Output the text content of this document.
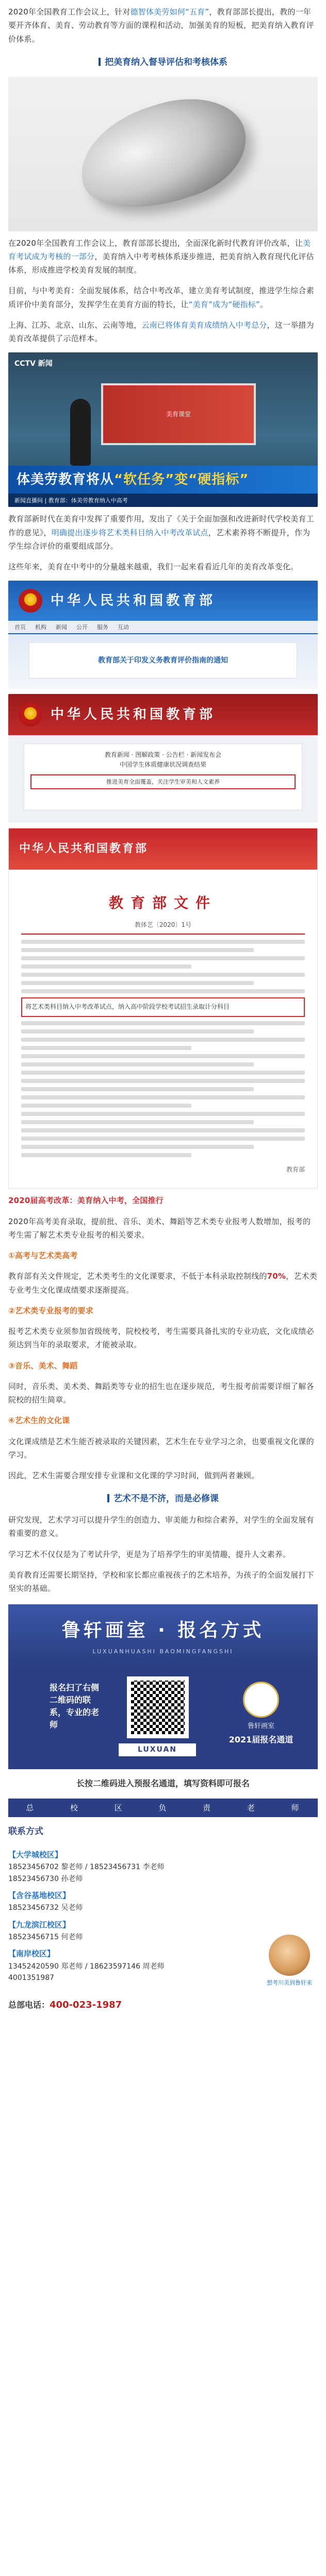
2020年全国教育工作会议上，针对德智体美劳如何“五育”，教育部部长提出，教的一年要开齐体育、美育、劳动教育等方面的课程和活动，加强美育的短板，把美育纳入教育评价体系。

把美育纳入督导评估和考核体系

在2020年全国教育工作会议上，教育部部长提出，全面深化新时代教育评价改革，让美育考试成为考核的一部分，美育纳入中考考核体系逐步推进，把美育纳入教育现代化评估体系，形成推进学校美育发展的制度。

目前，与中考美育：全面发展体系，结合中考改革，建立美育考试制度，推进学生综合素质评价中美育部分，发挥学生在美育方面的特长，让“美育”成为“硬指标”。

上海、江苏、北京、山东、云南等地，云南已将体育美育成绩纳入中考总分，这一举措为美育改革提供了示范样本。

CCTV 新闻
美育课堂
体美劳教育将从 “软任务”变“硬指标”
新闻直播间 | 教育部：体美劳教育纳入中高考

教育部新时代在美育中发挥了重要作用，发出了《关于全面加强和改进新时代学校美育工作的意见》，明确提出逐步将艺术类科目纳入中考改革试点，艺术素养将不断提升，作为学生综合评价的重要组成部分。

这些年来，美育在中考中的分量越来越重，我们一起来看看近几年的美育改革变化。

中华人民共和国教育部
首页 机构 新闻 公开 服务 互动
教育部关于印发义务教育评价指南的通知
中华人民共和国教育部
教育新闻 · 图解政策 · 公告栏 · 新闻发布会
中国学生体质健康状况调查结果
推进美育全面覆盖，关注学生审美和人文素养
中华人民共和国教育部
教育部文件
教体艺〔2020〕1号
将艺术类科目纳入中考改革试点，纳入高中阶段学校考试招生录取计分科目
教育部

2020届高考改革：美育纳入中考，全国推行

2020年高考美育录取，提前批、音乐、美术、舞蹈等艺术类专业报考人数增加，报考的考生需了解艺术类专业报考的相关要求。

①高考与艺术类高考

教育部有关文件规定，艺术类考生的文化课要求，不低于本科录取控制线的70%，艺术类专业考生文化课成绩要求逐渐提高。

②艺术类专业报考的要求

报考艺术类专业须参加省级统考，院校校考，考生需要具备扎实的专业功底，文化成绩必须达到当年的录取要求，才能被录取。

③音乐、美术、舞蹈

同时，音乐类、美术类、舞蹈类等专业的招生也在逐步规范，考生报考前需要详细了解各院校的招生简章。

④艺术生的文化课

文化课成绩是艺术生能否被录取的关键因素，艺术生在专业学习之余，也要重视文化课的学习。

因此，艺术生需要合理安排专业课和文化课的学习时间，做到两者兼顾。

艺术不是不济，而是必修课

研究发现，艺术学习可以提升学生的创造力、审美能力和综合素养，对学生的全面发展有着重要的意义。

学习艺术不仅仅是为了考试升学，更是为了培养学生的审美情趣，提升人文素养。

美育教育还需要长期坚持，学校和家长都应重视孩子的艺术培养，为孩子的全面发展打下坚实的基础。

鲁轩画室 · 报名方式
LUXUANHUASHI BAOMINGFANGSHI
报名扫了右侧二维码的联系，专业的老师
LUXUAN
鲁轩画室
2021届报名通道
长按二维码进入预报名通道，填写资料即可报名
总	校	区	负	责	老	师
联系方式
【大学城校区】
18523456702 黎老师 / 18523456731 李老师
18523456730 孙老师
【含谷基地校区】
18523456732 吴老师
【九龙滨江校区】
18523456715 何老师
【南岸校区】
13452420590 郑老师 / 18623597146 周老师
4001351987
想考川美到鲁轩来
总部电话：400-023-1987
